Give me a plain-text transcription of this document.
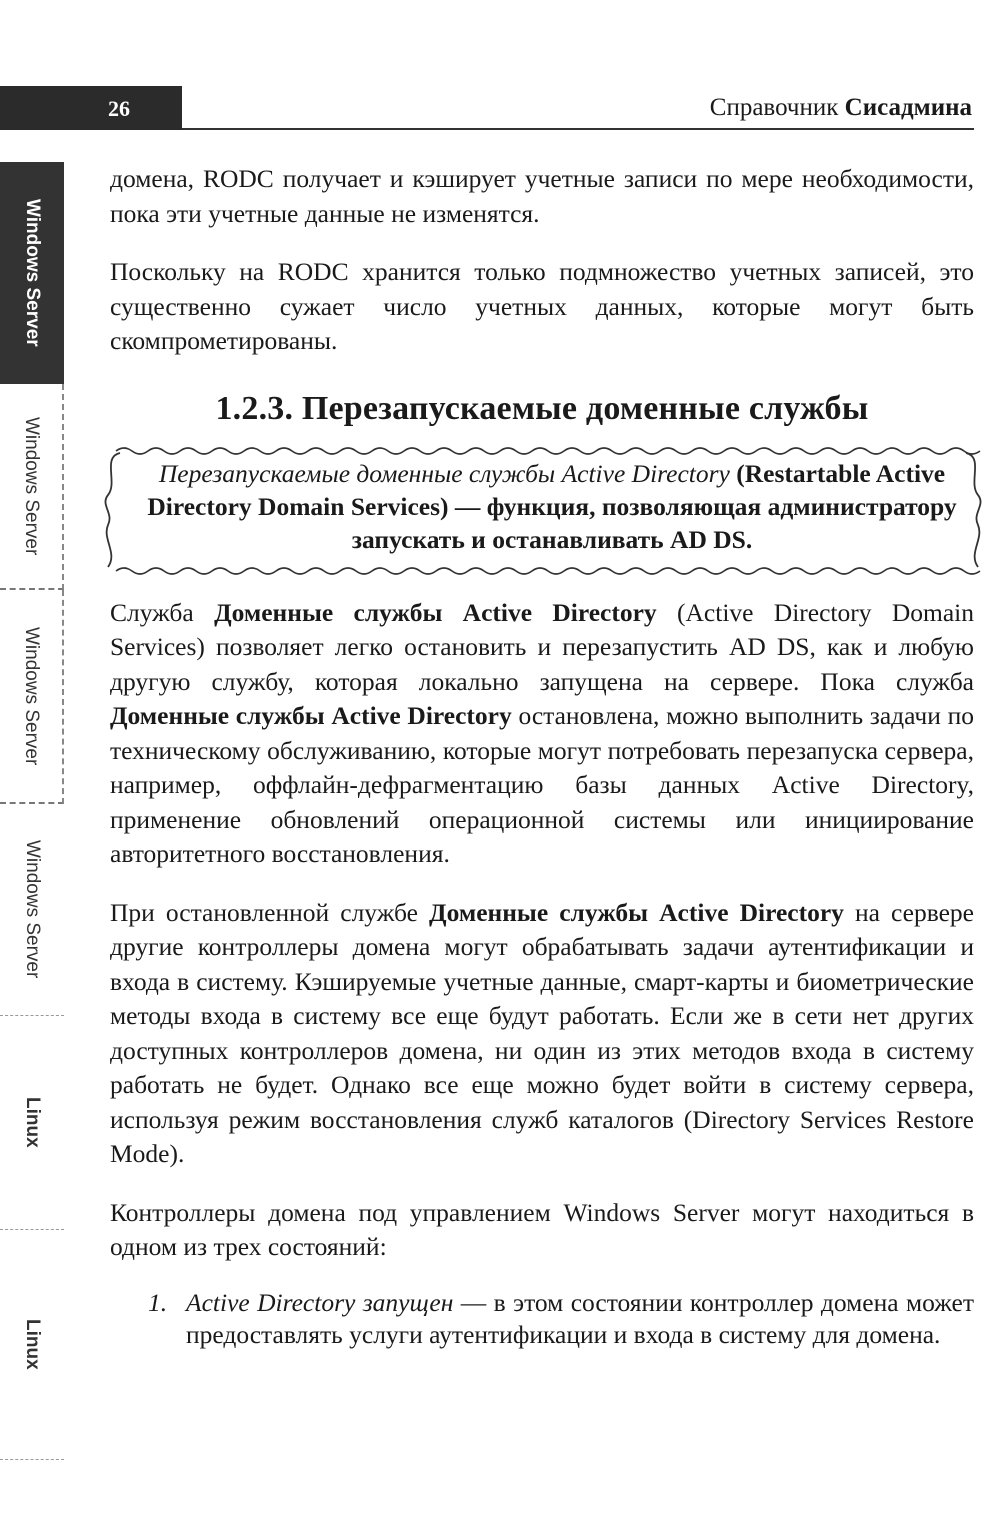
26	Справочник Сисадмина
Windows Server
Windows Server
Windows Server
Windows Server
Linux
Linux

домена, RODC получает и кэширует учетные записи по мере необходимости, пока эти учетные данные не изменятся.

Поскольку на RODC хранится только подмножество учетных записей, это существенно сужает число учетных данных, которые могут быть скомпрометированы.

1.2.3. Перезапускаемые доменные службы

Перезапускаемые доменные службы Active Directory (Restartable Active Directory Domain Services) — функция, позволяющая администратору запускать и останавливать AD DS.

Служба Доменные службы Active Directory (Active Directory Domain Services) позволяет легко остановить и перезапустить AD DS, как и любую другую службу, которая локально запущена на сервере. Пока служба Доменные службы Active Directory остановлена, можно выполнить задачи по техническому обслуживанию, которые могут потребовать перезапуска сервера, например, оффлайн-дефрагментацию базы данных Active Directory, применение обновлений операционной системы или инициирование авторитетного восстановления.

При остановленной службе Доменные службы Active Directory на сервере другие контроллеры домена могут обрабатывать задачи аутентификации и входа в систему. Кэшируемые учетные данные, смарт-карты и биометрические методы входа в систему все еще будут работать. Если же в сети нет других доступных контроллеров домена, ни один из этих методов входа в систему работать не будет. Однако все еще можно будет войти в систему сервера, используя режим восстановления служб каталогов (Directory Services Restore Mode).

Контроллеры домена под управлением Windows Server могут находиться в одном из трех состояний:

1. Active Directory запущен — в этом состоянии контроллер домена может предоставлять услуги аутентификации и входа в систему для домена.
